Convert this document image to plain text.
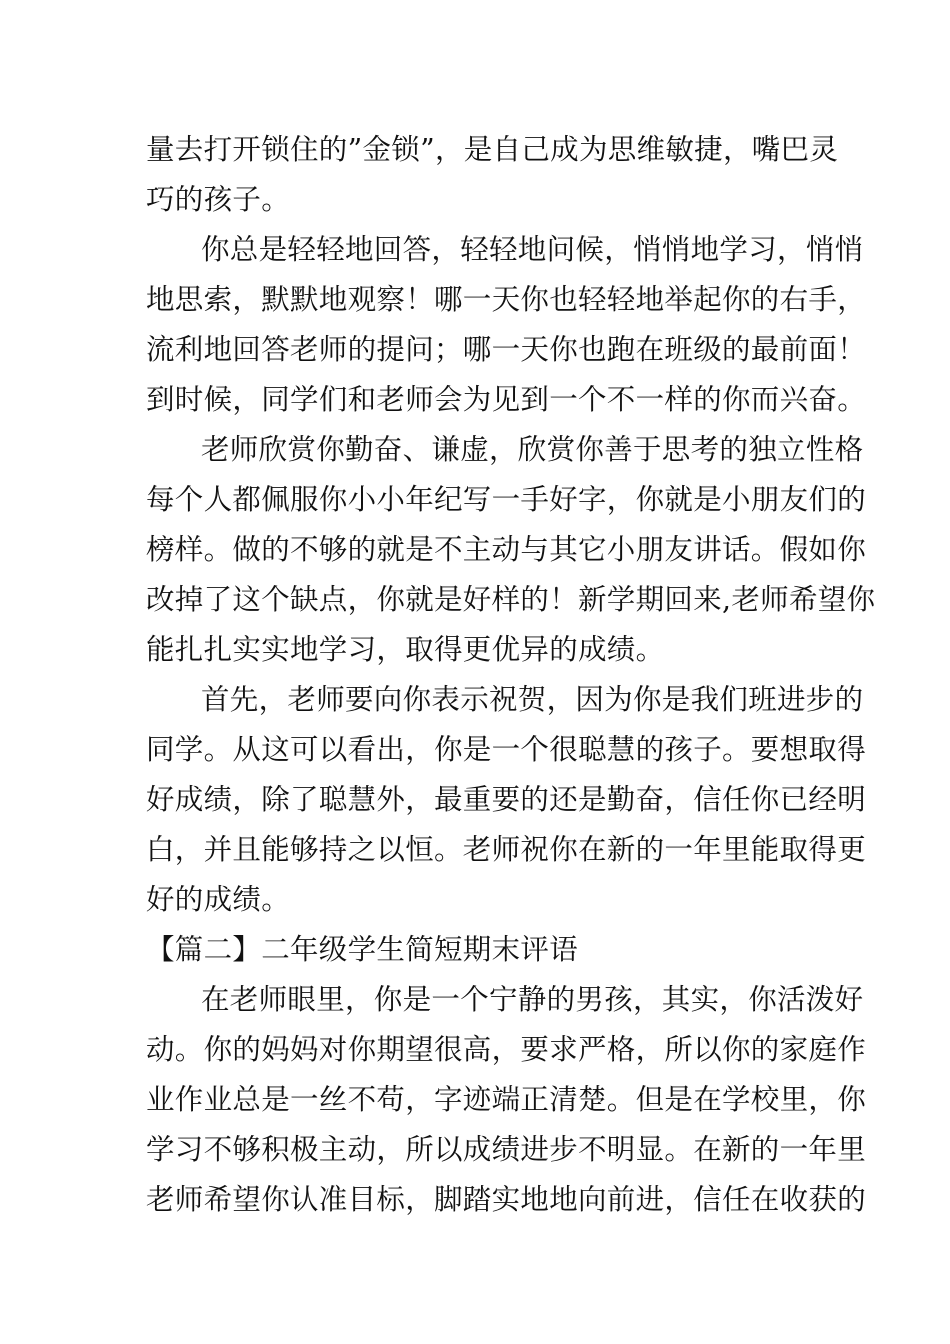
量去打开锁住的”金锁”，是自己成为思维敏捷，嘴巴灵
巧的孩子。
你总是轻轻地回答，轻轻地问候，悄悄地学习，悄悄
地思索，默默地观察！哪一天你也轻轻地举起你的右手，
流利地回答老师的提问；哪一天你也跑在班级的最前面！
到时候，同学们和老师会为见到一个不一样的你而兴奋。
老师欣赏你勤奋、谦虚，欣赏你善于思考的独立性格
每个人都佩服你小小年纪写一手好字，你就是小朋友们的
榜样。做的不够的就是不主动与其它小朋友讲话。假如你
改掉了这个缺点，你就是好样的！新学期回来,老师希望你
能扎扎实实地学习，取得更优异的成绩。
首先，老师要向你表示祝贺，因为你是我们班进步的
同学。从这可以看出，你是一个很聪慧的孩子。要想取得
好成绩，除了聪慧外，最重要的还是勤奋，信任你已经明
白，并且能够持之以恒。老师祝你在新的一年里能取得更
好的成绩。
【篇二】二年级学生简短期末评语
在老师眼里，你是一个宁静的男孩，其实，你活泼好
动。你的妈妈对你期望很高，要求严格，所以你的家庭作
业作业总是一丝不苟，字迹端正清楚。但是在学校里，你
学习不够积极主动，所以成绩进步不明显。在新的一年里
老师希望你认准目标，脚踏实地地向前进，信任在收获的
